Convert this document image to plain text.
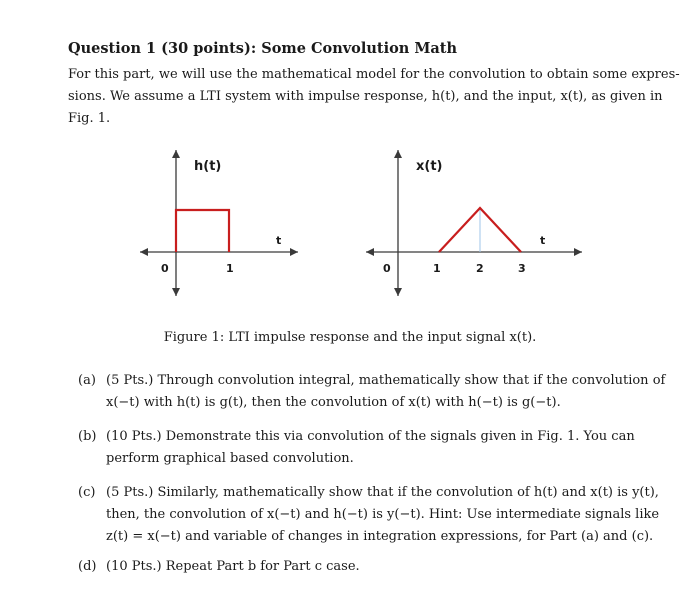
Question 1 (30 points): Some Convolution Math
For this part, we will use the mathematical model for the convolution to obtain some expres-
sions. We assume a LTI system with impulse response, h(t), and the input, x(t), as given in
Fig. 1.
h(t)
t
0	1
x(t)
t
0	1	2	3
Figure 1: LTI impulse response and the input signal x(t).
(a) (5 Pts.) Through convolution integral, mathematically show that if the convolution of
x(−t) with h(t) is g(t), then the convolution of x(t) with h(−t) is g(−t).
(b) (10 Pts.) Demonstrate this via convolution of the signals given in Fig. 1. You can
perform graphical based convolution.
(c) (5 Pts.) Similarly, mathematically show that if the convolution of h(t) and x(t) is y(t),
then, the convolution of x(−t) and h(−t) is y(−t). Hint: Use intermediate signals like
z(t) = x(−t) and variable of changes in integration expressions, for Part (a) and (c).
(d) (10 Pts.) Repeat Part b for Part c case.
